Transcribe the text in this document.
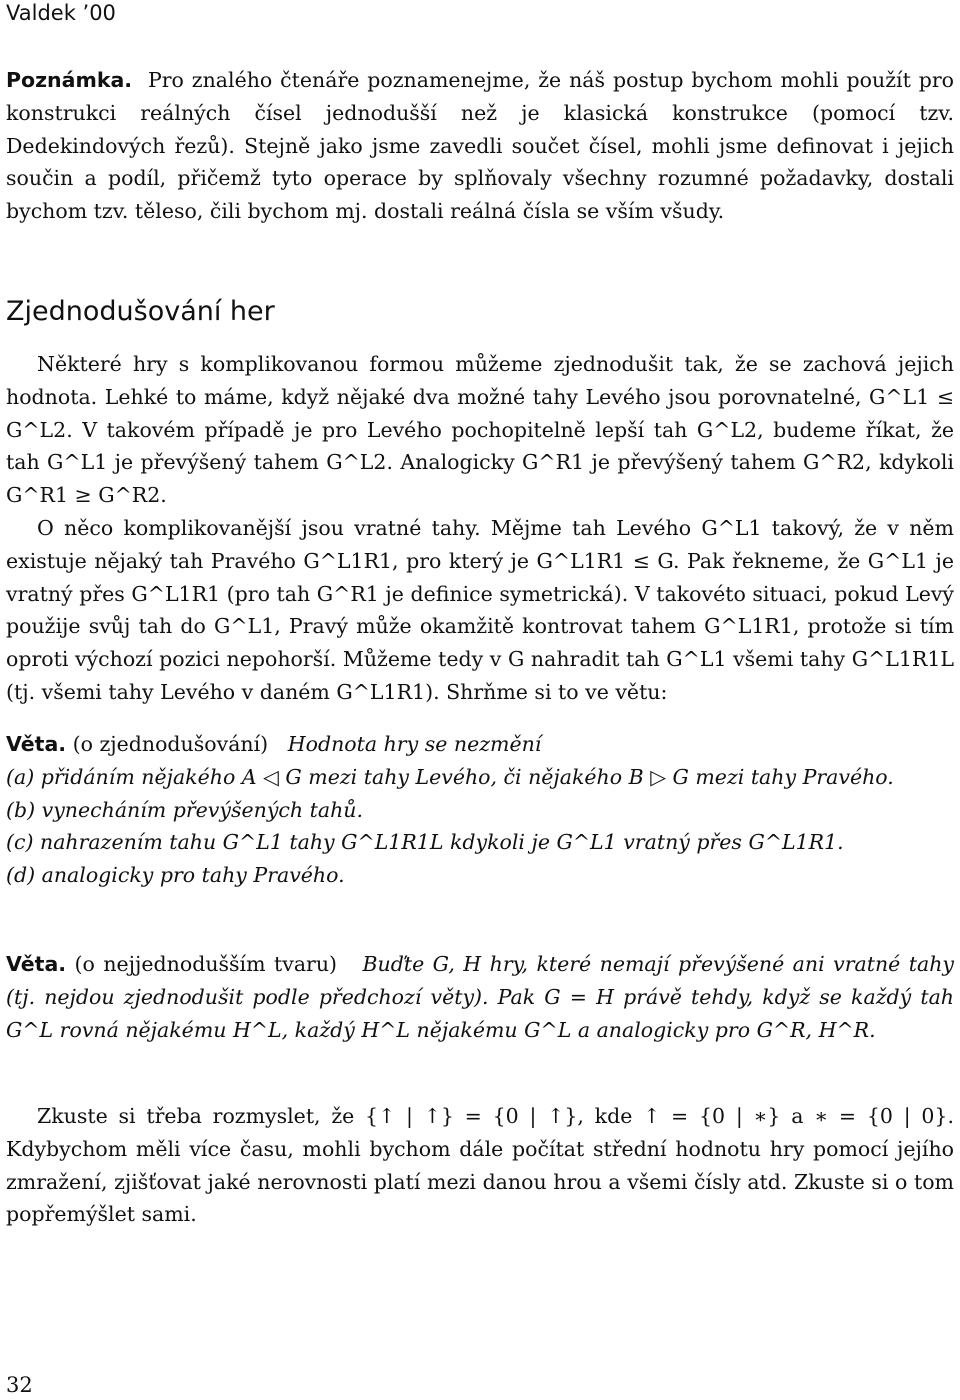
Valdek ’00

Poznámka. Pro znalého čtenáře poznamenejme, že náš postup bychom mohli použít pro konstrukci reálných čísel jednodušší než je klasická konstrukce (pomocí tzv. Dedekindových řezů). Stejně jako jsme zavedli součet čísel, mohli jsme definovat i jejich součin a podíl, přičemž tyto operace by splňovaly všechny rozumné požadavky, dostali bychom tzv. těleso, čili bychom mj. dostali reálná čísla se vším všudy.

Zjednodušování her

Některé hry s komplikovanou formou můžeme zjednodušit tak, že se zachová jejich hodnota. Lehké to máme, když nějaké dva možné tahy Levého jsou porovnatelné, G^L1 ≤ G^L2. V takovém případě je pro Levého pochopitelně lepší tah G^L2, budeme říkat, že tah G^L1 je převýšený tahem G^L2. Analogicky G^R1 je převýšený tahem G^R2, kdykoli G^R1 ≥ G^R2.

O něco komplikovanější jsou vratné tahy. Mějme tah Levého G^L1 takový, že v něm existuje nějaký tah Pravého G^L1R1, pro který je G^L1R1 ≤ G. Pak řekneme, že G^L1 je vratný přes G^L1R1 (pro tah G^R1 je definice symetrická). V takovéto situaci, pokud Levý použije svůj tah do G^L1, Pravý může okamžitě kontrovat tahem G^L1R1, protože si tím oproti výchozí pozici nepohorší. Můžeme tedy v G nahradit tah G^L1 všemi tahy G^L1R1L (tj. všemi tahy Levého v daném G^L1R1). Shrňme si to ve větu:

Věta. (o zjednodušování) Hodnota hry se nezmění

(a) přidáním nějakého A ◁ G mezi tahy Levého, či nějakého B ▷ G mezi tahy Pravého.

(b) vynecháním převýšených tahů.

(c) nahrazením tahu G^L1 tahy G^L1R1L kdykoli je G^L1 vratný přes G^L1R1.

(d) analogicky pro tahy Pravého.

Věta. (o nejjednodušším tvaru) Buďte G, H hry, které nemají převýšené ani vratné tahy (tj. nejdou zjednodušit podle předchozí věty). Pak G = H právě tehdy, když se každý tah G^L rovná nějakému H^L, každý H^L nějakému G^L a analogicky pro G^R, H^R.

Zkuste si třeba rozmyslet, že {↑ | ↑} = {0 | ↑}, kde ↑ = {0 | ∗} a ∗ = {0 | 0}. Kdybychom měli více času, mohli bychom dále počítat střední hodnotu hry pomocí jejího zmražení, zjišťovat jaké nerovnosti platí mezi danou hrou a všemi čísly atd. Zkuste si o tom popřemýšlet sami.

32
